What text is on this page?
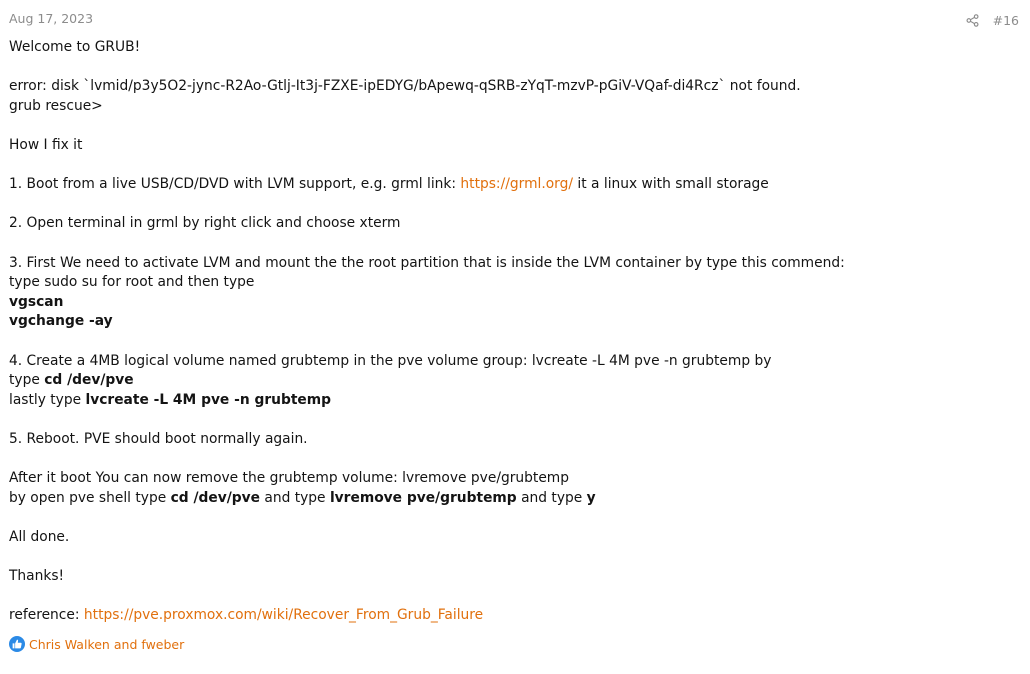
Aug 17, 2023	#16

Welcome to GRUB!

error: disk `lvmid/p3y5O2-jync-R2Ao-Gtlj-It3j-FZXE-ipEDYG/bApewq-qSRB-zYqT-mzvP-pGiV-VQaf-di4Rcz` not found.

grub rescue>

How I fix it

1. Boot from a live USB/CD/DVD with LVM support, e.g. grml link: https://grml.org/ it a linux with small storage

2. Open terminal in grml by right click and choose xterm

3. First We need to activate LVM and mount the the root partition that is inside the LVM container by type this commend:

type sudo su for root and then type

vgscan

vgchange -ay

4. Create a 4MB logical volume named grubtemp in the pve volume group: lvcreate -L 4M pve -n grubtemp by

type cd /dev/pve

lastly type lvcreate -L 4M pve -n grubtemp

5. Reboot. PVE should boot normally again.

After it boot You can now remove the grubtemp volume: lvremove pve/grubtemp

by open pve shell type cd /dev/pve and type lvremove pve/grubtemp and type y

All done.

Thanks!

reference: https://pve.proxmox.com/wiki/Recover_From_Grub_Failure

Chris Walken and fweber
